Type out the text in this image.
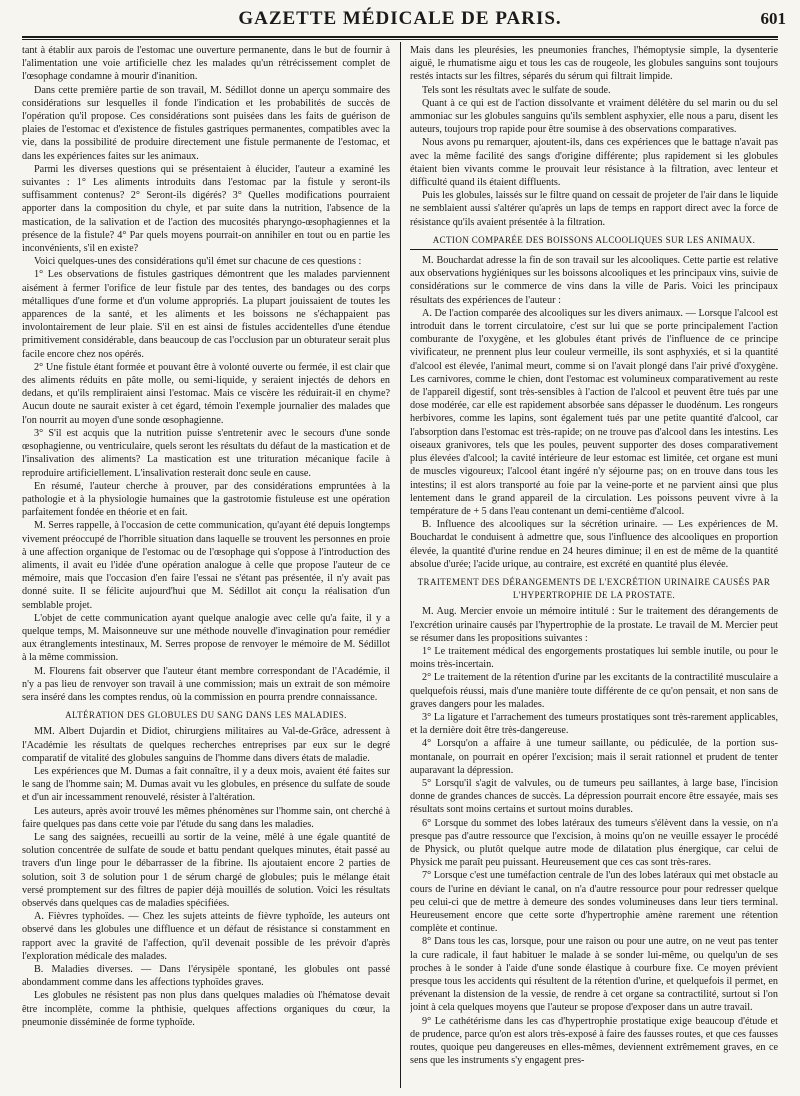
GAZETTE MÉDICALE DE PARIS.	601

tant à établir aux parois de l'estomac une ouverture permanente, dans le but de fournir à l'alimentation une voie artificielle chez les malades qu'un rétrécissement complet de l'œsophage condamne à mourir d'inanition.

Dans cette première partie de son travail, M. Sédillot donne un aperçu sommaire des considérations sur lesquelles il fonde l'indication et les probabilités de succès de l'opération qu'il propose. Ces considérations sont puisées dans les faits de guérison de plaies de l'estomac et d'existence de fistules gastriques permanentes, compatibles avec la vie, dans la possibilité de produire directement une fistule permanente de l'estomac, et dans les expériences faites sur les animaux.

Parmi les diverses questions qui se présentaient à élucider, l'auteur a examiné les suivantes : 1° Les aliments introduits dans l'estomac par la fistule y seront-ils suffisamment contenus? 2° Seront-ils digérés? 3° Quelles modifications pourraient apporter dans la composition du chyle, et par suite dans la nutrition, l'absence de la mastication, de la salivation et de l'action des mucosités pharyngo-œsophagiennes et la présence de la fistule? 4° Par quels moyens pourrait-on annihiler en tout ou en partie les inconvénients, s'il en existe?

Voici quelques-unes des considérations qu'il émet sur chacune de ces questions :

1° Les observations de fistules gastriques démontrent que les malades parviennent aisément à fermer l'orifice de leur fistule par des tentes, des bandages ou des corps métalliques d'une forme et d'un volume appropriés. La plupart jouissaient de toutes les apparences de la santé, et les aliments et les boissons ne s'échappaient pas involontairement de leur plaie. S'il en est ainsi de fistules accidentelles d'une étendue primitivement considérable, dans beaucoup de cas l'occlusion par un obturateur serait plus facile encore chez nos opérés.

2° Une fistule étant formée et pouvant être à volonté ouverte ou fermée, il est clair que des aliments réduits en pâte molle, ou semi-liquide, y seraient injectés de dehors en dedans, et qu'ils rempliraient ainsi l'estomac. Mais ce viscère les réduirait-il en chyme? Aucun doute ne saurait exister à cet égard, témoin l'exemple journalier des malades que l'on nourrit au moyen d'une sonde œsophagienne.

3° S'il est acquis que la nutrition puisse s'entretenir avec le secours d'une sonde œsophagienne, ou ventriculaire, quels seront les résultats du défaut de la mastication et de l'insalivation des aliments? La mastication est une trituration mécanique facile à reproduire artificiellement. L'insalivation resterait donc seule en cause.

En résumé, l'auteur cherche à prouver, par des considérations empruntées à la pathologie et à la physiologie humaines que la gastrotomie fistuleuse est une opération parfaitement fondée en théorie et en fait.

M. Serres rappelle, à l'occasion de cette communication, qu'ayant été depuis longtemps vivement préoccupé de l'horrible situation dans laquelle se trouvent les personnes en proie à une affection organique de l'estomac ou de l'œsophage qui s'oppose à l'introduction des aliments, il avait eu l'idée d'une opération analogue à celle que propose l'auteur de ce mémoire, mais que l'occasion d'en faire l'essai ne s'étant pas présentée, il n'y avait pas donné suite. Il se félicite aujourd'hui que M. Sédillot ait conçu la réalisation d'un semblable projet.

L'objet de cette communication ayant quelque analogie avec celle qu'a faite, il y a quelque temps, M. Maisonneuve sur une méthode nouvelle d'invagination pour remédier aux étranglements intestinaux, M. Serres propose de renvoyer le mémoire de M. Sédillot à la même commission.

M. Flourens fait observer que l'auteur étant membre correspondant de l'Académie, il n'y a pas lieu de renvoyer son travail à une commission; mais un extrait de son mémoire sera inséré dans les comptes rendus, où la commission en pourra prendre connaissance.

ALTÉRATION DES GLOBULES DU SANG DANS LES MALADIES.

MM. Albert Dujardin et Didiot, chirurgiens militaires au Val-de-Grâce, adressent à l'Académie les résultats de quelques recherches entreprises par eux sur le degré comparatif de vitalité des globules sanguins de l'homme dans divers états de maladie.

Les expériences que M. Dumas a fait connaître, il y a deux mois, avaient été faites sur le sang de l'homme sain; M. Dumas avait vu les globules, en présence du sulfate de soude et d'un air incessamment renouvelé, résister à l'altération.

Les auteurs, après avoir trouvé les mêmes phénomènes sur l'homme sain, ont cherché à faire quelques pas dans cette voie par l'étude du sang dans les maladies.

Le sang des saignées, recueilli au sortir de la veine, mêlé à une égale quantité de solution concentrée de sulfate de soude et battu pendant quelques minutes, était passé au travers d'un linge pour le débarrasser de la fibrine. Ils ajoutaient encore 2 parties de solution, soit 3 de solution pour 1 de sérum chargé de globules; puis le mélange était versé promptement sur des filtres de papier déjà mouillés de solution. Voici les résultats observés dans quelques cas de maladies spécifiées.

A. Fièvres typhoïdes. — Chez les sujets atteints de fièvre typhoïde, les auteurs ont observé dans les globules une diffluence et un défaut de résistance si constamment en rapport avec la gravité de l'affection, qu'il devenait possible de les prévoir d'après l'exploration médicale des malades.

B. Maladies diverses. — Dans l'érysipèle spontané, les globules ont passé abondamment comme dans les affections typhoïdes graves.

Les globules ne résistent pas non plus dans quelques maladies où l'hématose devait être incomplète, comme la phthisie, quelques affections organiques du cœur, la pneumonie disséminée de forme typhoïde.

Mais dans les pleurésies, les pneumonies franches, l'hémoptysie simple, la dysenterie aiguë, le rhumatisme aigu et tous les cas de rougeole, les globules sanguins sont toujours restés intacts sur les filtres, séparés du sérum qui filtrait limpide.

Tels sont les résultats avec le sulfate de soude.

Quant à ce qui est de l'action dissolvante et vraiment délétère du sel marin ou du sel ammoniac sur les globules sanguins qu'ils semblent asphyxier, elle nous a paru, disent les auteurs, toujours trop rapide pour être soumise à des observations comparatives.

Nous avons pu remarquer, ajoutent-ils, dans ces expériences que le battage n'avait pas avec la même facilité des sangs d'origine différente; plus rapidement si les globules étaient bien vivants comme le prouvait leur résistance à la filtration, avec lenteur et difficulté quand ils étaient diffluents.

Puis les globules, laissés sur le filtre quand on cessait de projeter de l'air dans le liquide ne semblaient aussi s'altérer qu'après un laps de temps en rapport direct avec la force de résistance qu'ils avaient présentée à la filtration.

ACTION COMPARÉE DES BOISSONS ALCOOLIQUES SUR LES ANIMAUX.

M. Bouchardat adresse la fin de son travail sur les alcooliques. Cette partie est relative aux observations hygiéniques sur les boissons alcooliques et les principaux vins, suivie de considérations sur le commerce de vins dans la ville de Paris. Voici les principaux résultats des expériences de l'auteur :

A. De l'action comparée des alcooliques sur les divers animaux. — Lorsque l'alcool est introduit dans le torrent circulatoire, c'est sur lui que se porte principalement l'action comburante de l'oxygène, et les globules étant privés de l'influence de ce principe vivificateur, ne prennent plus leur couleur vermeille, ils sont asphyxiés, et si la quantité d'alcool est élevée, l'animal meurt, comme si on l'avait plongé dans l'air privé d'oxygène. Les carnivores, comme le chien, dont l'estomac est volumineux comparativement au reste de l'appareil digestif, sont très-sensibles à l'action de l'alcool et peuvent être tués par une dose modérée, car elle est rapidement absorbée sans dépasser le duodénum. Les rongeurs herbivores, comme les lapins, sont également tués par une petite quantité d'alcool, car l'absorption dans l'estomac est très-rapide; on ne trouve pas d'alcool dans les intestins. Les oiseaux granivores, tels que les poules, peuvent supporter des doses comparativement plus élevées d'alcool; la cavité intérieure de leur estomac est limitée, cet organe est muni de muscles vigoureux; l'alcool étant ingéré n'y séjourne pas; on en trouve dans tous les intestins; il est alors transporté au foie par la veine-porte et ne parvient ainsi que plus lentement dans le grand appareil de la circulation. Les poissons peuvent vivre à la température de + 5 dans l'eau contenant un demi-centième d'alcool.

B. Influence des alcooliques sur la sécrétion urinaire. — Les expériences de M. Bouchardat le conduisent à admettre que, sous l'influence des alcooliques en proportion élevée, la quantité d'urine rendue en 24 heures diminue; il en est de même de la quantité absolue d'urée; l'acide urique, au contraire, est excrété en quantité plus élevée.

TRAITEMENT DES DÉRANGEMENTS DE L'EXCRÉTION URINAIRE CAUSÉS PAR L'HYPERTROPHIE DE LA PROSTATE.

M. Aug. Mercier envoie un mémoire intitulé : Sur le traitement des dérangements de l'excrétion urinaire causés par l'hypertrophie de la prostate. Le travail de M. Mercier peut se résumer dans les propositions suivantes :

1° Le traitement médical des engorgements prostatiques lui semble inutile, ou pour le moins très-incertain.

2° Le traitement de la rétention d'urine par les excitants de la contractilité musculaire a quelquefois réussi, mais d'une manière toute différente de ce qu'on pensait, et non sans de graves dangers pour les malades.

3° La ligature et l'arrachement des tumeurs prostatiques sont très-rarement applicables, et la dernière doit être très-dangereuse.

4° Lorsqu'on a affaire à une tumeur saillante, ou pédiculée, de la portion sus-montanale, on pourrait en opérer l'excision; mais il serait rationnel et prudent de tenter auparavant la dépression.

5° Lorsqu'il s'agit de valvules, ou de tumeurs peu saillantes, à large base, l'incision donne de grandes chances de succès. La dépression pourrait encore être essayée, mais ses résultats sont moins certains et surtout moins durables.

6° Lorsque du sommet des lobes latéraux des tumeurs s'élèvent dans la vessie, on n'a presque pas d'autre ressource que l'excision, à moins qu'on ne veuille essayer le procédé de Physick, ou plutôt quelque autre mode de dilatation plus énergique, car celui de Physick me paraît peu puissant. Heureusement que ces cas sont très-rares.

7° Lorsque c'est une tuméfaction centrale de l'un des lobes latéraux qui met obstacle au cours de l'urine en déviant le canal, on n'a d'autre ressource pour pour redresser quelque peu celui-ci que de mettre à demeure des sondes volumineuses dans leur tiers terminal. Heureusement encore que cette sorte d'hypertrophie amène rarement une rétention complète et continue.

8° Dans tous les cas, lorsque, pour une raison ou pour une autre, on ne veut pas tenter la cure radicale, il faut habituer le malade à se sonder lui-même, ou quelqu'un de ses proches à le sonder à l'aide d'une sonde élastique à courbure fixe. Ce moyen prévient presque tous les accidents qui résultent de la rétention d'urine, et quelquefois il permet, en prévenant la distension de la vessie, de rendre à cet organe sa contractilité, surtout si l'on joint à cela quelques moyens que l'auteur se propose d'exposer dans un autre travail.

9° Le cathétérisme dans les cas d'hypertrophie prostatique exige beaucoup d'étude et de prudence, parce qu'on est alors très-exposé à faire des fausses routes, et que ces fausses routes, quoique peu dangereuses en elles-mêmes, deviennent extrêmement graves, en ce sens que les instruments s'y engagent pres-
